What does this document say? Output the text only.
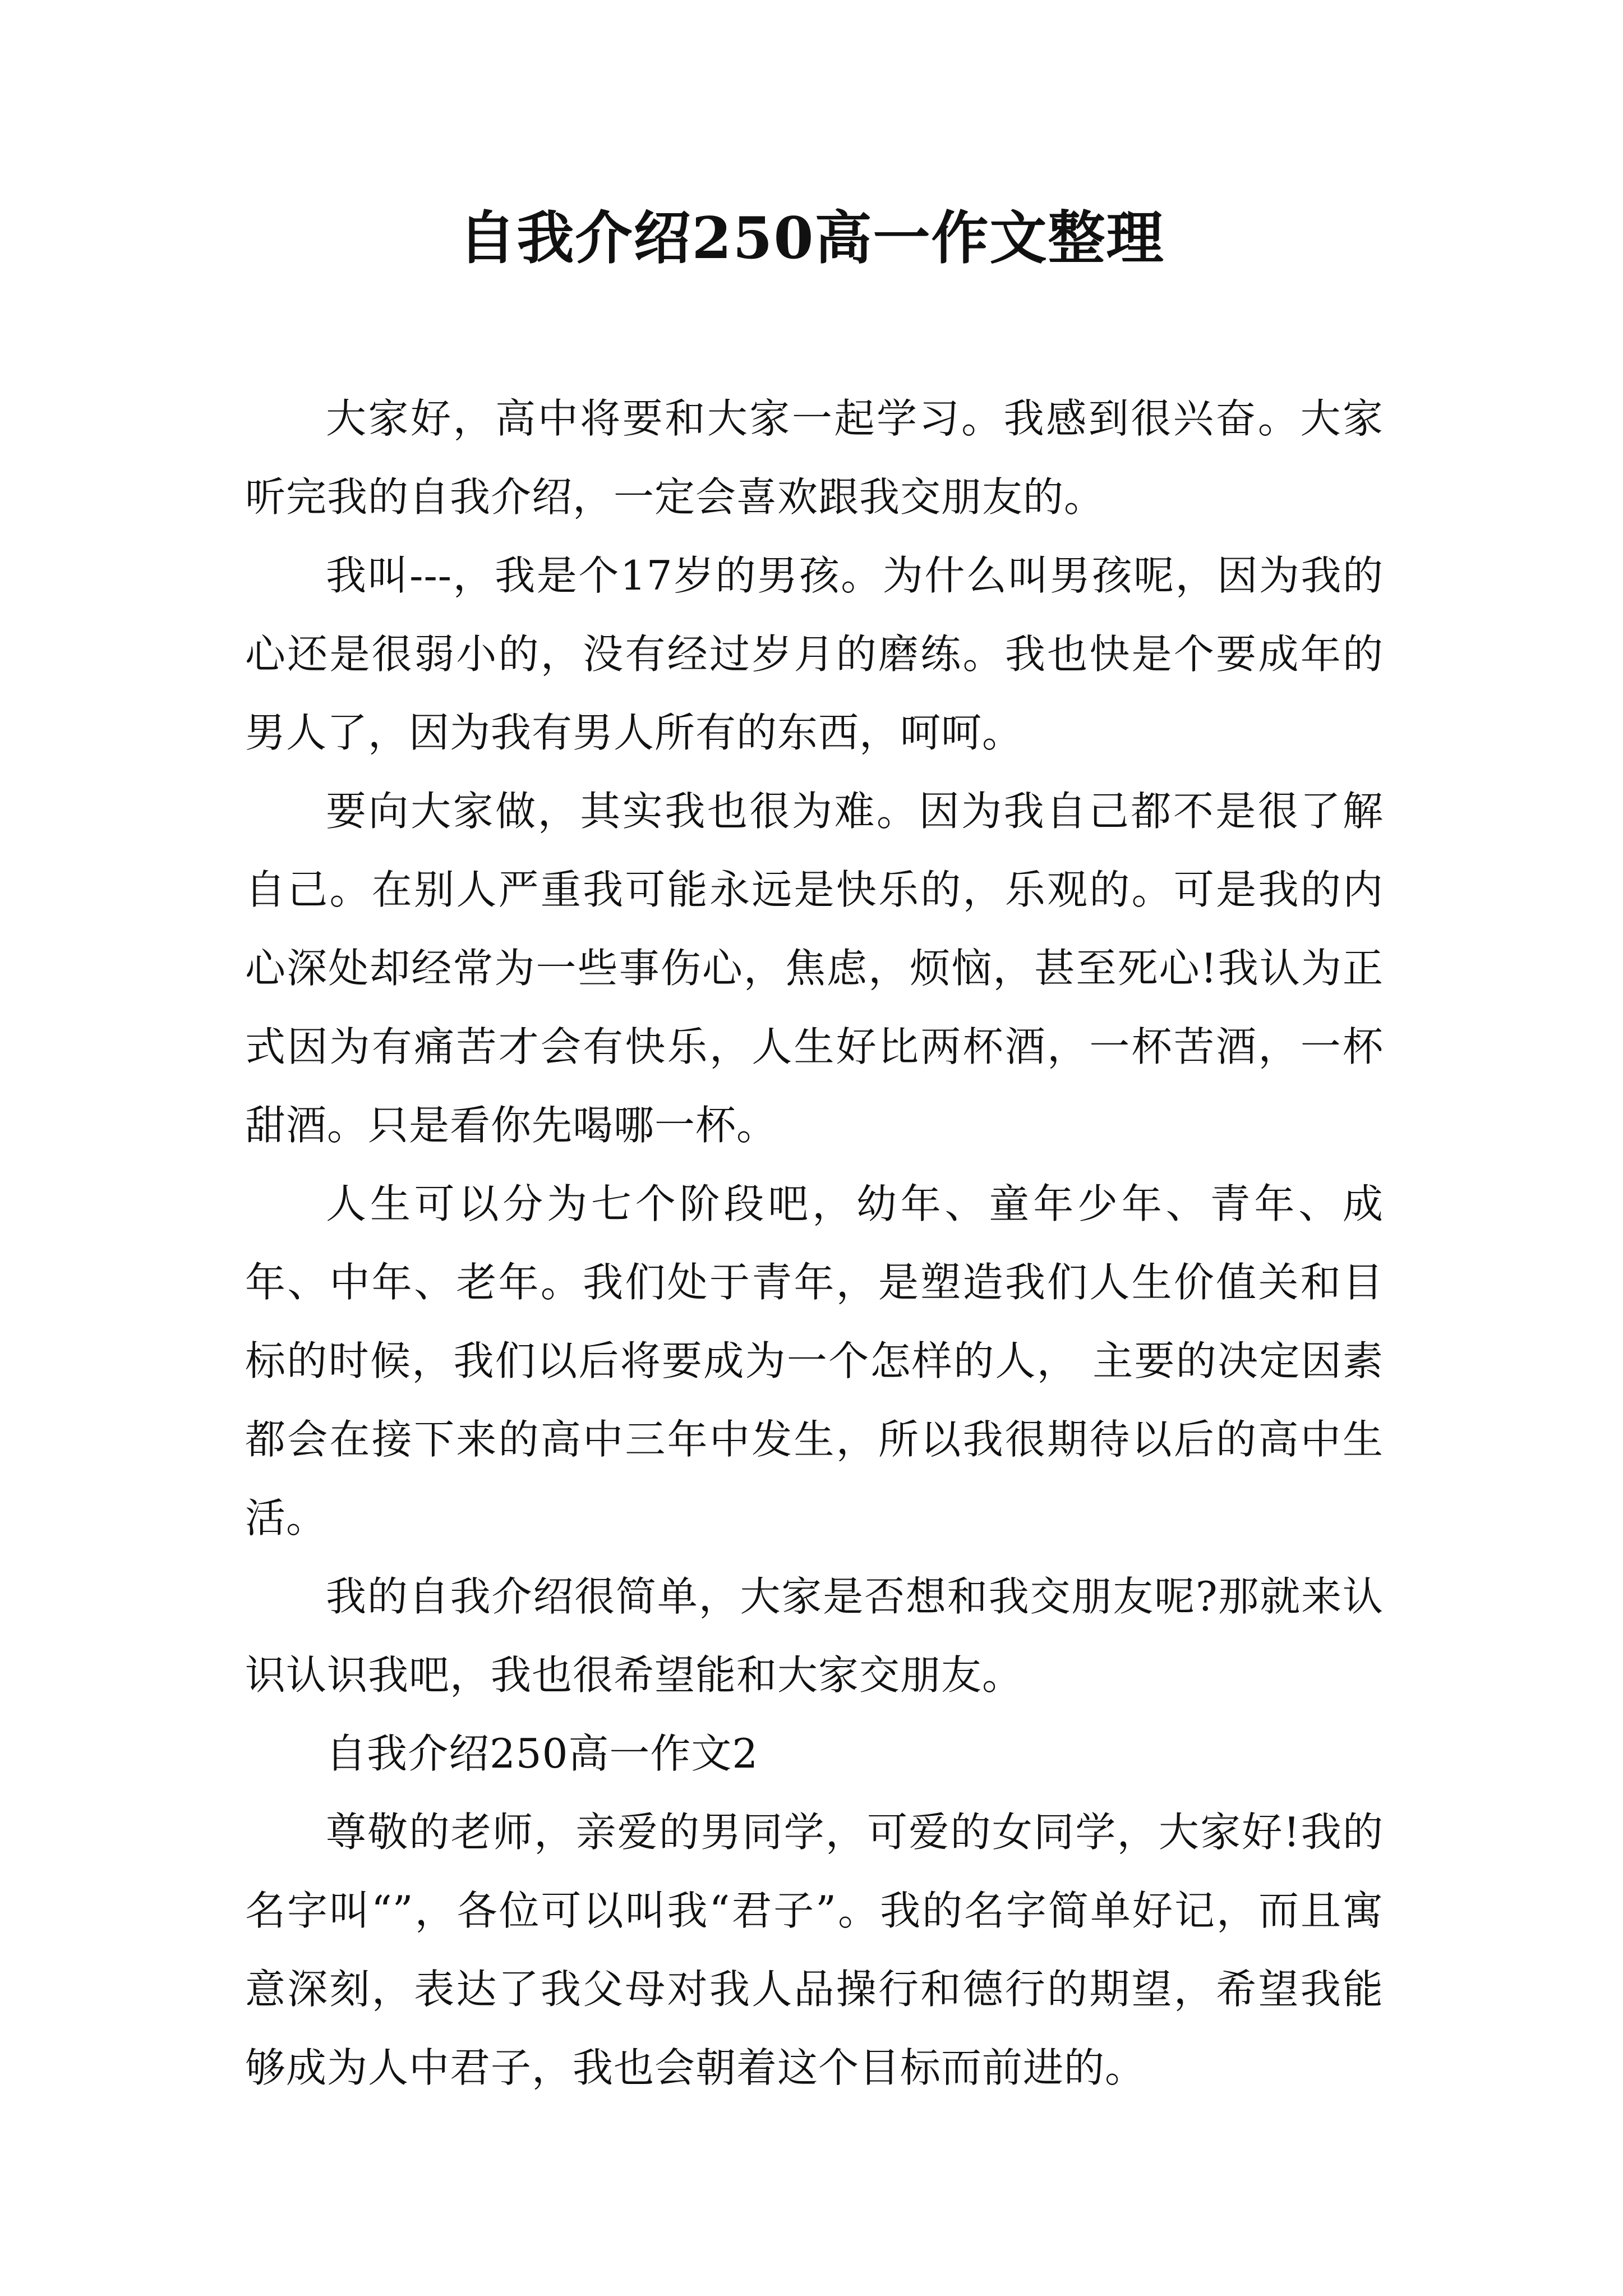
自我介绍250高一作文整理

大家好，高中将要和大家一起学习。我感到很兴奋。大家听完我的自我介绍，一定会喜欢跟我交朋友的。

我叫---，我是个17岁的男孩。为什么叫男孩呢，因为我的心还是很弱小的，没有经过岁月的磨练。我也快是个要成年的男人了，因为我有男人所有的东西，呵呵。

要向大家做，其实我也很为难。因为我自己都不是很了解自己。在别人严重我可能永远是快乐的，乐观的。可是我的内心深处却经常为一些事伤心，焦虑，烦恼，甚至死心!我认为正式因为有痛苦才会有快乐，人生好比两杯酒，一杯苦酒，一杯甜酒。只是看你先喝哪一杯。

人生可以分为七个阶段吧，幼年、童年少年、青年、成年、中年、老年。我们处于青年，是塑造我们人生价值关和目标的时候，我们以后将要成为一个怎样的人， 主要的决定因素都会在接下来的高中三年中发生，所以我很期待以后的高中生活。

我的自我介绍很简单，大家是否想和我交朋友呢?那就来认识认识我吧，我也很希望能和大家交朋友。

自我介绍250高一作文2

尊敬的老师，亲爱的男同学，可爱的女同学，大家好!我的名字叫“”，各位可以叫我“君子”。我的名字简单好记，而且寓意深刻，表达了我父母对我人品操行和德行的期望，希望我能够成为人中君子，我也会朝着这个目标而前进的。
